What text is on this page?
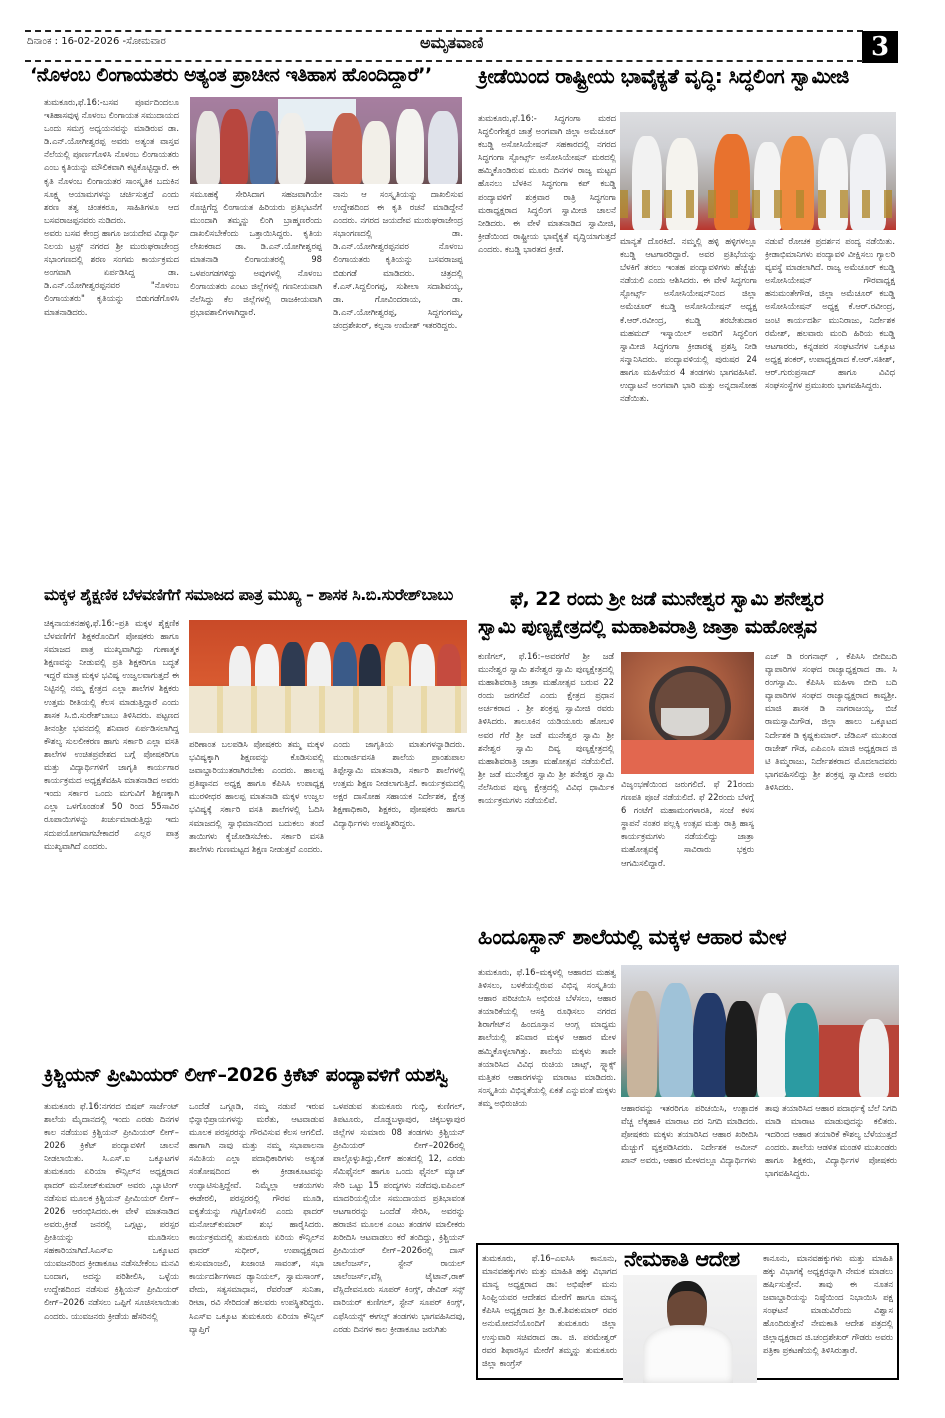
ದಿನಾಂಕ : 16-02-2026 -ಸೋಮವಾರ	ಅಮೃತವಾಣಿ	3
‘ನೊಳಂಬ ಲಿಂಗಾಯತರು ಅತ್ಯಂತ ಪ್ರಾಚೀನ ಇತಿಹಾಸ ಹೊಂದಿದ್ದಾರೆ’’

ತುಮಕೂರು,ಫೆ.16:-ಬಸವ ಪೂರ್ವದಿಂದಲೂ ಇತಿಹಾಸವುಳ್ಳ ನೊಳಂಬ ಲಿಂಗಾಯತ ಸಮುದಾಯದ ಒಂದು ಸಮಗ್ರ ಅಧ್ಯಯನವನ್ನು ಮಾಡಿರುವ ಡಾ. ಡಿ.ಎನ್.ಯೋಗೀಶ್ವರಪ್ಪ ಅವರು ಅತ್ಯಂತ ವಾಸ್ತವ ನೆಲೆಯಲ್ಲಿ ಪೂರ್ಣಗೊಳಿಸಿ ನೊಳಂಬ ಲಿಂಗಾಯತರು ಎಂಬ ಕೃತಿಯನ್ನು ಮೌಲಿಕವಾಗಿ ಕಟ್ಟಿಕೊಟ್ಟಿದ್ದಾರೆ. ಈ ಕೃತಿ ನೊಳಂಬ ಲಿಂಗಾಯತರ ಸಾಂಸ್ಕೃತಿಕ ಬದುಕಿನ ಸೂಕ್ಷ್ಮ ಆಯಾಮಗಳನ್ನು ಚರ್ಚಿಸುತ್ತದೆ ಎಂದು ಶರಣ ತತ್ವ ಚಿಂತಕರೂ, ಸಾಹಿತಿಗಳೂ ಆದ ಬಸವರಾಜಪ್ಪನವರು ನುಡಿದರು.

ಅವರು ಬಸವ ಕೇಂದ್ರ ಹಾಗೂ ಜಯದೇವ ವಿದ್ಯಾರ್ಥಿ ನಿಲಯ ಟ್ರಸ್ಟ್ ನಗರದ ಶ್ರೀ ಮುರುಘರಾಜೇಂದ್ರ ಸಭಾಂಗಣದಲ್ಲಿ ಶರಣ ಸಂಗಮ ಕಾರ್ಯಕ್ರಮದ ಅಂಗವಾಗಿ ಏರ್ಪಡಿಸಿದ್ದ ಡಾ. ಡಿ.ಎನ್.ಯೋಗೀಶ್ವರಪ್ಪನವರ "ನೊಳಂಬ ಲಿಂಗಾಯತರು" ಕೃತಿಯನ್ನು ಬಿಡುಗಡೆಗೊಳಿಸಿ ಮಾತನಾಡಿದರು.

ಸಮೂಹಕ್ಕೆ ಸೇರಿಸಿದಾಗ ಸಹಜವಾಗಿಯೇ ರೊಚ್ಚಿಗೆದ್ದ ಲಿಂಗಾಯತ ಹಿರಿಯರು ಪ್ರತಿಭಟನೆಗೆ ಮುಂದಾಗಿ ತಮ್ಮನ್ನು ಲಿಂಗಿ ಬ್ರಾಹ್ಮಣರೆಂದು ದಾಖಲಿಸಬೇಕೆಂದು ಒತ್ತಾಯಿಸಿದ್ದರು. ಕೃತಿಯ ಲೇಖಕರಾದ ಡಾ. ಡಿ.ಎನ್.ಯೋಗೀಶ್ವರಪ್ಪ ಮಾತನಾಡಿ ಲಿಂಗಾಯತರಲ್ಲಿ 98 ಒಳಪಂಗಡಗಳಿದ್ದು ಅವುಗಳಲ್ಲಿ ನೊಳಂಬ ಲಿಂಗಾಯತರು ಎಂಟು ಜಿಲ್ಲೆಗಳಲ್ಲಿ ಗಣನೀಯವಾಗಿ ನೆಲೆಸಿದ್ದು ಕೆಲ ಜಿಲ್ಲೆಗಳಲ್ಲಿ ರಾಜಕೀಯವಾಗಿ ಪ್ರಭಾವಶಾಲಿಗಳಾಗಿದ್ದಾರೆ.

ನಾನು ಆ ಸಂಸ್ಕೃತಿಯನ್ನು ದಾಖಲಿಸುವ ಉದ್ದೇಶದಿಂದ ಈ ಕೃತಿ ರಚನೆ ಮಾಡಿದ್ದೇನೆ ಎಂದರು. ನಗರದ ಜಯದೇವ ಮುರುಘರಾಜೇಂದ್ರ ಸಭಾಂಗಣದಲ್ಲಿ ಡಾ. ಡಿ.ಎನ್.ಯೋಗೀಶ್ವರಪ್ಪನವರ ನೊಳಂಬ ಲಿಂಗಾಯತರು ಕೃತಿಯನ್ನು ಬಸವರಾಜಪ್ಪ ಬಿಡುಗಡೆ ಮಾಡಿದರು. ಚಿತ್ರದಲ್ಲಿ ಕೆ.ಎಸ್.ಸಿದ್ದಲಿಂಗಪ್ಪ, ಸುಶೀಲಾ ಸದಾಶಿವಯ್ಯ, ಡಾ. ಗೋವಿಂದರಾಯ, ಡಾ. ಡಿ.ಎನ್.ಯೋಗೀಶ್ವರಪ್ಪ, ಸಿದ್ದಗಂಗಮ್ಮ, ಚಂದ್ರಶೇಖರ್, ಕಲ್ಪನಾ ಉಮೇಶ್ ಇತರರಿದ್ದರು.

ಕ್ರೀಡೆಯಿಂದ ರಾಷ್ಟ್ರೀಯ ಭಾವೈಕ್ಯತೆ ವೃದ್ಧಿ: ಸಿದ್ಧಲಿಂಗ ಸ್ವಾಮೀಜಿ

ತುಮಕೂರು,ಫೆ.16:- ಸಿದ್ಧಗಂಗಾ ಮಠದ ಸಿದ್ಧಲಿಂಗೇಶ್ವರ ಜಾತ್ರೆ ಅಂಗವಾಗಿ ಜಿಲ್ಲಾ ಅಮೆಚೂರ್ ಕಬಡ್ಡಿ ಅಸೋಸಿಯೇಷನ್ ಸಹಕಾರದಲ್ಲಿ ನಗರದ ಸಿದ್ಧಗಂಗಾ ಸ್ಪೋರ್ಟ್ಸ್ ಅಸೋಸಿಯೇಷನ್ ಮಠದಲ್ಲಿ ಹಮ್ಮಿಕೊಂಡಿರುವ ಮೂರು ದಿನಗಳ ರಾಜ್ಯ ಮಟ್ಟದ ಹೊನಲು ಬೆಳಕಿನ ಸಿದ್ಧಗಂಗಾ ಕಪ್ ಕಬಡ್ಡಿ ಪಂದ್ಯಾವಳಿಗೆ ಶುಕ್ರವಾರ ರಾತ್ರಿ ಸಿದ್ಧಗಂಗಾ ಮಠಾಧ್ಯಕ್ಷರಾದ ಸಿದ್ಧಲಿಂಗ ಸ್ವಾಮೀಜಿ ಚಾಲನೆ ನೀಡಿದರು. ಈ ವೇಳೆ ಮಾತನಾಡಿದ ಸ್ವಾಮೀಜಿ, ಕ್ರೀಡೆಯಿಂದ ರಾಷ್ಟ್ರೀಯ ಭಾವೈಕ್ಯತೆ ವೃದ್ಧಿಯಾಗುತ್ತದೆ ಎಂದರು. ಕಬಡ್ಡಿ ಭಾರತದ ಕ್ರೀಡೆ.

ಮಾನ್ಯತೆ ದೊರಕಿದೆ. ನಮ್ಮಲ್ಲಿ ಹಳ್ಳಿ ಹಳ್ಳಿಗಳಲ್ಲೂ ಕಬಡ್ಡಿ ಆಟಗಾರರಿದ್ದಾರೆ. ಅವರ ಪ್ರತಿಭೆಯನ್ನು ಬೆಳಕಿಗೆ ತರಲು ಇಂತಹ ಪಂದ್ಯಾವಳಿಗಳು ಹೆಚ್ಚೆಚ್ಚು ನಡೆಯಲಿ ಎಂದು ಆಶಿಸಿದರು. ಈ ವೇಳೆ ಸಿದ್ಧಗಂಗಾ ಸ್ಪೋರ್ಟ್ಸ್ ಅಸೋಸಿಯೇಷನ್‌ನಿಂದ ಜಿಲ್ಲಾ ಅಮೆಚೂರ್ ಕಬಡ್ಡಿ ಅಸೋಸಿಯೇಷನ್ ಅಧ್ಯಕ್ಷ ಕೆ.ಆರ್.ರವೀಂದ್ರ, ಕಬಡ್ಡಿ ತರಬೇತುದಾರ ಮಹಮದ್ ಇಸ್ಮಾಯಿಲ್ ಅವರಿಗೆ ಸಿದ್ಧಲಿಂಗ ಸ್ವಾಮೀಜಿ ಸಿದ್ಧಗಂಗಾ ಕ್ರೀಡಾರತ್ನ ಪ್ರಶಸ್ತಿ ನೀಡಿ ಸನ್ಮಾನಿಸಿದರು. ಪಂದ್ಯಾವಳಿಯಲ್ಲಿ ಪುರುಷರ 24 ಹಾಗೂ ಮಹಿಳೆಯರ 4 ತಂಡಗಳು ಭಾಗವಹಿಸಿವೆ. ಉದ್ಘಾಟನೆ ಅಂಗವಾಗಿ ಭಾರಿ ಮತ್ತು ಅನ್ನದಾಸೋಹ ನಡೆಯಿತು.

ನಡುವೆ ರೋಚಕ ಪ್ರದರ್ಶನ ಪಂದ್ಯ ನಡೆಯಿತು. ಕ್ರೀಡಾಭಿಮಾನಿಗಳು ಪಂದ್ಯಾವಳಿ ವೀಕ್ಷಿಸಲು ಗ್ಯಾಲರಿ ವ್ಯವಸ್ಥೆ ಮಾಡಲಾಗಿದೆ. ರಾಜ್ಯ ಅಮೆಚೂರ್ ಕಬಡ್ಡಿ ಅಸೋಸಿಯೇಷನ್ ಗೌರವಾಧ್ಯಕ್ಷ ಹನುಮಂತೇಗೌಡ, ಜಿಲ್ಲಾ ಅಮೆಚೂರ್ ಕಬಡ್ಡಿ ಅಸೋಸಿಯೇಷನ್ ಅಧ್ಯಕ್ಷ ಕೆ.ಆರ್.ರವೀಂದ್ರ, ಜಂಟಿ ಕಾರ್ಯದರ್ಶಿ ಮುನಿರಾಜು, ನಿರ್ದೇಶಕ ರಮೇಶ್, ಹಲವಾರು ಮಂದಿ ಹಿರಿಯ ಕಬಡ್ಡಿ ಆಟಗಾರರು, ಕನ್ನಡಪರ ಸಂಘಟನೆಗಳ ಒಕ್ಕೂಟ ಅಧ್ಯಕ್ಷ ಶಂಕರ್, ಉಪಾಧ್ಯಕ್ಷರಾದ ಕೆ.ಆರ್.ಸತೀಶ್, ಆರ್.ಗುರುಪ್ರಸಾದ್ ಹಾಗೂ ವಿವಿಧ ಸಂಘಸಂಸ್ಥೆಗಳ ಪ್ರಮುಖರು ಭಾಗವಹಿಸಿದ್ದರು.

ಮಕ್ಕಳ ಶೈಕ್ಷಣಿಕ ಬೆಳವಣಿಗೆಗೆ ಸಮಾಜದ ಪಾತ್ರ ಮುಖ್ಯ – ಶಾಸಕ ಸಿ.ಬಿ.ಸುರೇಶ್‌ಬಾಬು

ಚಿಕ್ಕನಾಯಕನಹಳ್ಳಿ,ಫೆ.16:–ಪ್ರತಿ ಮಕ್ಕಳ ಶೈಕ್ಷಣಿಕ ಬೆಳವಣಿಗೆಗೆ ಶಿಕ್ಷಕರೊಂದಿಗೆ ಪೋಷಕರು ಹಾಗೂ ಸಮಾಜದ ಪಾತ್ರ ಮುಖ್ಯವಾಗಿದ್ದು ಗುಣಾತ್ಮಕ ಶಿಕ್ಷಣವನ್ನು ನೀಡುವಲ್ಲಿ ಪ್ರತಿ ಶಿಕ್ಷಕರಿಗೂ ಬದ್ಧತೆ ಇದ್ದರೆ ಮಾತ್ರ ಮಕ್ಕಳ ಭವಿಷ್ಯ ಉಜ್ವಲವಾಗುತ್ತದೆ ಈ ನಿಟ್ಟಿನಲ್ಲಿ ನಮ್ಮ ಕ್ಷೇತ್ರದ ಎಲ್ಲಾ ಶಾಲೆಗಳ ಶಿಕ್ಷಕರು ಉತ್ತಮ ರೀತಿಯಲ್ಲಿ ಕೆಲಸ ಮಾಡುತ್ತಿದ್ದಾರೆ ಎಂದು ಶಾಸಕ ಸಿ.ಬಿ.ಸುರೇಶ್‌ಬಾಬು ತಿಳಿಸಿದರು. ಪಟ್ಟಣದ ತೀನಂಶ್ರೀ ಭವನದಲ್ಲಿ ಶನಿವಾರ ಏರ್ಪಡಿಸಲಾಗಿದ್ದ ಕೌಶಲ್ಯ ಸುಲಲೀಕರಣ ಹಾಗು ಸರ್ಕಾರಿ ಎಲ್ಲಾ ವಸತಿ ಶಾಲೆಗಳ ಉಚಿತಪ್ರವೇಶದ ಬಗ್ಗೆ ಪೋಷಕರಿಗೂ ಮತ್ತು ವಿದ್ಯಾರ್ಥಿಗಳಿಗೆ ಜಾಗೃತಿ ಕಾರ್ಯಗಾರ ಕಾರ್ಯಕ್ರಮದ ಅಧ್ಯಕ್ಷತೆವಹಿಸಿ ಮಾತನಾಡಿದ ಅವರು ಇಂದು ಸರ್ಕಾರ ಒಂದು ಮಗುವಿಗೆ ಶಿಕ್ಷಣಕ್ಕಾಗಿ ಎಲ್ಲಾ ಒಳಗೊಂಡಂತೆ 50 ರಿಂದ 55ಸಾವಿರ ರೂಪಾಯಿಗಳನ್ನು ಖರ್ಚುಮಾಡುತ್ತಿದ್ದು ಇದು ಸದುಪಯೋಗವಾಗಬೇಕಾದರೆ ಎಲ್ಲರ ಪಾತ್ರ ಮುಖ್ಯವಾಗಿದೆ ಎಂದರು.

ಪರಿಣಾಂತ ಬಲಪಡಿಸಿ ಪೋಷಕರು ತಮ್ಮ ಮಕ್ಕಳ ಭವಿಷ್ಯಕ್ಕಾಗಿ ಶಿಕ್ಷಣವನ್ನು ಕೊಡಿಸುವಲ್ಲಿ ಜವಾಬ್ದಾರಿಯುತರಾಗಿರಬೇಕು ಎಂದರು. ಹಾಲಪ್ಪ ಪ್ರತಿಷ್ಠಾನದ ಅಧ್ಯಕ್ಷ ಹಾಗೂ ಕೆಪಿಸಿಸಿ ಉಪಾಧ್ಯಕ್ಷ ಮುರಳೀಧರ ಹಾಲಪ್ಪ ಮಾತನಾಡಿ ಮಕ್ಕಳ ಉಜ್ವಲ ಭವಿಷ್ಯಕ್ಕೆ ಸರ್ಕಾರಿ ವಸತಿ ಶಾಲೆಗಳಲ್ಲಿ ಓದಿಸಿ ಸಮಾಜದಲ್ಲಿ ಸ್ವಾಭಿಮಾನದಿಂದ ಬದುಕಲು ತಂದೆ ತಾಯಿಗಳು ಕೈಜೋಡಿಸಬೇಕು. ಸರ್ಕಾರಿ ವಸತಿ ಶಾಲೆಗಳು ಗುಣಮಟ್ಟದ ಶಿಕ್ಷಣ ನೀಡುತ್ತವೆ ಎಂದರು.

ಎಂದು ಜಾಗೃತಿಯ ಮಾತುಗಳನ್ನಾಡಿದರು. ಮುರಾರ್ಜಿವಸತಿ ಶಾಲೆಯ ಪ್ರಾಂಶುಪಾಲ ತಿಪ್ಪೇಸ್ವಾಮಿ ಮಾತನಾಡಿ, ಸರ್ಕಾರಿ ಶಾಲೆಗಳಲ್ಲಿ ಉತ್ತಮ ಶಿಕ್ಷಣ ನೀಡಲಾಗುತ್ತಿದೆ. ಕಾರ್ಯಕ್ರಮದಲ್ಲಿ ಅಕ್ಷರ ದಾಸೋಹ ಸಹಾಯಕ ನಿರ್ದೇಶಕ, ಕ್ಷೇತ್ರ ಶಿಕ್ಷಣಾಧಿಕಾರಿ, ಶಿಕ್ಷಕರು, ಪೋಷಕರು ಹಾಗೂ ವಿದ್ಯಾರ್ಥಿಗಳು ಉಪಸ್ಥಿತರಿದ್ದರು.

ಫೆ, 22 ರಂದು ಶ್ರೀ ಜಡೆ ಮುನೇಶ್ವರ ಸ್ವಾಮಿ ಶನೇಶ್ವರ
ಸ್ವಾಮಿ ಪುಣ್ಯಕ್ಷೇತ್ರದಲ್ಲಿ ಮಹಾಶಿವರಾತ್ರಿ ಜಾತ್ರಾ ಮಹೋತ್ಸವ

ಕುಣಿಗಲ್, ಫೆ.16:–ಅವರಗೆರೆ ಶ್ರೀ ಜಡೆ ಮುನೇಶ್ವರ ಸ್ವಾಮಿ ಶನೇಶ್ವರ ಸ್ವಾಮಿ ಪುಣ್ಯಕ್ಷೇತ್ರದಲ್ಲಿ ಮಹಾಶಿವರಾತ್ರಿ ಜಾತ್ರಾ ಮಹೋತ್ಸವ ಬರುವ 22 ರಂದು ಜರಗಲಿದೆ ಎಂದು ಕ್ಷೇತ್ರದ ಪ್ರಧಾನ ಅರ್ಚಕರಾದ . ಶ್ರೀ ಶಂಕ್ರಪ್ಪ ಸ್ವಾಮೀಜಿ ರವರು ತಿಳಿಸಿದರು. ತಾಲೂಕಿನ ಯಡಿಯೂರು ಹೋಬಳಿ ಅವರ ಗೆರೆ ಶ್ರೀ ಜಡೆ ಮುನೇಶ್ವರ ಸ್ವಾಮಿ ಶ್ರೀ ಶನೇಶ್ವರ ಸ್ವಾಮಿ ದಿವ್ಯ ಪುಣ್ಯಕ್ಷೇತ್ರದಲ್ಲಿ ಮಹಾಶಿವರಾತ್ರಿ ಜಾತ್ರಾ ಮಹೋತ್ಸವ ನಡೆಯಲಿದೆ. ಶ್ರೀ ಜಡೆ ಮುನೇಶ್ವರ ಸ್ವಾಮಿ ಶ್ರೀ ಶನೇಶ್ವರ ಸ್ವಾಮಿ ನೆಲೆಸಿರುವ ಪುಣ್ಯ ಕ್ಷೇತ್ರದಲ್ಲಿ ವಿವಿಧ ಧಾರ್ಮಿಕ ಕಾರ್ಯಕ್ರಮಗಳು ನಡೆಯಲಿವೆ.

ವಿಜೃಂಭಣೆಯಿಂದ ಜರುಗಲಿದೆ. ಫೆ 21ರಂದು ಗಣಪತಿ ಪೂಜೆ ನಡೆಯಲಿದೆ. ಫೆ 22ರಂದು ಬೆಳಗ್ಗೆ 6 ಗಂಟೆಗೆ ಮಹಾಮಂಗಳಾರತಿ, ಸಂಜೆ ಕಳಸ ಸ್ಥಾಪನೆ ನಂತರ ಪಲ್ಲಕ್ಕಿ ಉತ್ಸವ ಮತ್ತು ರಾತ್ರಿ ಹಾಸ್ಯ ಕಾರ್ಯಕ್ರಮಗಳು ನಡೆಯಲಿದ್ದು ಜಾತ್ರಾ ಮಹೋತ್ಸವಕ್ಕೆ ಸಾವಿರಾರು ಭಕ್ತರು ಆಗಮಿಸಲಿದ್ದಾರೆ.

ಎಚ್ ಡಿ ರಂಗನಾಥ್ , ಕೆಪಿಸಿಸಿ ಬೀದಿಬದಿ ವ್ಯಾಪಾರಿಗಳ ಸಂಘದ ರಾಜ್ಯಾಧ್ಯಕ್ಷರಾದ ಡಾ. ಸಿ ರಂಗಸ್ವಾಮಿ. ಕೆಪಿಸಿಸಿ ಮಹಿಳಾ ಬೀದಿ ಬದಿ ವ್ಯಾಪಾರಿಗಳ ಸಂಘದ ರಾಜ್ಯಾಧ್ಯಕ್ಷರಾದ ಕಾವ್ಯಶ್ರೀ. ಮಾಜಿ ಶಾಸಕ ಡಿ ನಾಗರಾಜಯ್ಯ, ಬಿಜೆ ರಾಮಸ್ವಾಮಿಗೌಡ, ಜಿಲ್ಲಾ ಹಾಲು ಒಕ್ಕೂಟದ ನಿರ್ದೇಶಕ ಡಿ ಕೃಷ್ಣಕುಮಾರ್. ಜೆಡಿಎಸ್ ಮುಖಂಡ ರಾಜೇಶ್ ಗೌಡ, ಎಪಿಎಂಸಿ ಮಾಜಿ ಅಧ್ಯಕ್ಷರಾದ ಜಿ ಟಿ ತಿಮ್ಮರಾಜು, ನಿರ್ದೇಶಕರಾದ ಮೊದಲಾದವರು ಭಾಗವಹಿಸಲಿದ್ದು ಶ್ರೀ ಶಂಕ್ರಪ್ಪ ಸ್ವಾಮೀಜಿ ಅವರು ತಿಳಿಸಿದರು.

ಹಿಂದೂಸ್ಥಾನ್ ಶಾಲೆಯಲ್ಲಿ ಮಕ್ಕಳ ಆಹಾರ ಮೇಳ

ತುಮಕೂರು, ಫೆ.16–ಮಕ್ಕಳಲ್ಲಿ ಆಹಾರದ ಮಹತ್ವ ತಿಳಿಸಲು, ಬಳಕೆಯಲ್ಲಿರುವ ವಿಭಿನ್ನ ಸಂಸ್ಕೃತಿಯ ಆಹಾರ ಪರಿಚಯಿಸಿ ಅಭಿರುಚಿ ಬೆಳೆಸಲು, ಆಹಾರ ತಯಾರಿಕೆಯಲ್ಲಿ ಆಸಕ್ತಿ ರೂಢಿಸಲು ನಗರದ ಶಿರಾಗೇಟ್‌ನ ಹಿಂದೂಸ್ತಾನ ಆಂಗ್ಲ ಮಾಧ್ಯಮ ಶಾಲೆಯಲ್ಲಿ ಶನಿವಾರ ಮಕ್ಕಳ ಆಹಾರ ಮೇಳ ಹಮ್ಮಿಕೊಳ್ಳಲಾಗಿತ್ತು. ಶಾಲೆಯ ಮಕ್ಕಳು ತಾವೇ ತಯಾರಿಸಿದ ವಿವಿಧ ರುಚಿಯ ಚಾಟ್ಸ್, ಸ್ನ್ಯಾಕ್ಸ್ ಮತ್ತಿತರ ಆಹಾರಗಳನ್ನು ಮಾರಾಟ ಮಾಡಿದರು. ಸಂಸ್ಕೃತಿಯ ವಿಭಿನ್ನತೆಯಲ್ಲಿ ಏಕತೆ ಎನ್ನುವಂತೆ ಮಕ್ಕಳು ತಮ್ಮ ಅಭಿರುಚಿಯ

ಆಹಾರವನ್ನು ಇತರರಿಗೂ ಪರಿಚಯಿಸಿ, ಉತ್ಪಾದಕ ವೆಚ್ಚ ಲೆಕ್ಕಹಾಕಿ ಮಾರಾಟ ದರ ನಿಗದಿ ಮಾಡಿದರು. ಪೋಷಕರು ಮಕ್ಕಳು ತಯಾರಿಸಿದ ಆಹಾರ ಖರೀದಿಸಿ ಮೆಚ್ಚುಗೆ ವ್ಯಕ್ತಪಡಿಸಿದರು. ನಿರ್ದೇಶಕ ಅಮೀನ್ ಖಾನ್ ಅವರು, ಆಹಾರ ಮೇಳದಲ್ಲೂ ವಿದ್ಯಾರ್ಥಿಗಳು

ತಾವು ತಯಾರಿಸಿದ ಆಹಾರ ಪದಾರ್ಥಕ್ಕೆ ಬೆಲೆ ನಿಗದಿ ಮಾಡಿ ಮಾರಾಟ ಮಾಡುವುದನ್ನು ಕಲಿತರು. ಇದರಿಂದ ಆಹಾರ ತಯಾರಿಕೆ ಕೌಶಲ್ಯ ಬೆಳೆಯುತ್ತದೆ ಎಂದರು. ಶಾಲೆಯ ಆಡಳಿತ ಮಂಡಳಿ ಮುಖಂಡರು ಹಾಗೂ ಶಿಕ್ಷಕರು, ವಿದ್ಯಾರ್ಥಿಗಳ ಪೋಷಕರು ಭಾಗವಹಿಸಿದ್ದರು.

ಕ್ರಿಶ್ಚಿಯನ್ ಪ್ರೀಮಿಯರ್ ಲೀಗ್–2026 ಕ್ರಿಕೆಟ್ ಪಂದ್ಯಾವಳಿಗೆ ಯಶಸ್ವಿ

ತುಮಕೂರು ಫೆ.16:ನಗರದ ಬಿಷಪ್ ಸಾರ್ಜೆಂಟ್ ಶಾಲೆಯ ಮೈದಾನದಲ್ಲಿ ಇಂದು ಎರಡು ದಿನಗಳ ಕಾಲ ನಡೆಯುವ ಕ್ರಿಶ್ಚಿಯನ್ ಪ್ರೀಮಿಯರ್ ಲೀಗ್–2026 ಕ್ರಿಕೆಟ್ ಪಂದ್ಯಾವಳಿಗೆ ಚಾಲನೆ ನೀಡಲಾಯಿತು. ಸಿ.ಎಸ್.ಐ ಒಕ್ಕೂಟಗಳ ತುಮಕೂರು ಏರಿಯಾ ಕೌನ್ಸಿಲ್‌ನ ಅಧ್ಯಕ್ಷರಾದ ಫಾದರ್ ಮನೋಜ್‌ಕುಮಾರ್ ಅವರು ,ಬ್ಯಾಟಿಂಗ್ ನಡೆಸುವ ಮೂಲಕ ಕ್ರಿಶ್ಚಿಯನ್ ಪ್ರೀಮಿಯರ್ ಲೀಗ್–2026 ಆರಂಭಿಸಿದರು.ಈ ವೇಳೆ ಮಾತನಾಡಿದ ಅವರು,ಕ್ರೀಡೆ ಜನರಲ್ಲಿ ಒಗ್ಗಟ್ಟು, ಪರಸ್ಪರ ಪ್ರೀತಿಯನ್ನು ಮೂಡಿಸಲು ಸಹಕಾರಿಯಾಗಿದೆ.ಸಿಎಸ್ಐ ಒಕ್ಕೂಟದ ಯುವಜನರಿಂದ ಕ್ರೀಡಾಕೂಟ ನಡೆಸಬೇಕೆಂಬ ಮನವಿ ಬಂದಾಗ, ಅದನ್ನು ಪರಿಶೀಲಿಸಿ, ಒಳ್ಳೆಯ ಉದ್ದೇಶದಿಂದ ನಡೆಸುವ ಕ್ರಿಶ್ಚಿಯನ್ ಪ್ರೀಮಿಯರ್ ಲೀಗ್–2026 ನಡೆಸಲು ಒಪ್ಪಿಗೆ ಸೂಚಿಸಲಾಯಿತು ಎಂದರು. ಯುವಜನರು ಕ್ರೀಡೆಯ ಹೆಸರಿನಲ್ಲಿ

ಒಂದೆಡೆ ಒಗ್ಗೂಡಿ, ನಮ್ಮ ನಡುವೆ ಇರುವ ಭಿನ್ನಾಭಿಪ್ರಾಯಗಳನ್ನು ಮರೆತು, ಆಟವಾಡುವ ಮೂಲಕ ಪರಸ್ಪರರನ್ನು ಗೌರವಿಸುವ ಕೆಲಸ ಆಗಲಿದೆ. ಹಾಗಾಗಿ ನಾವು ಮತ್ತು ನಮ್ಮ ಸಭಾಪಾಲನಾ ಸಮಿತಿಯ ಎಲ್ಲಾ ಪದಾಧಿಕಾರಿಗಳು ಅತ್ಯಂತ ಸಂತೋಷದಿಂದ ಈ ಕ್ರೀಡಾಕೂಟವನ್ನು ಉದ್ಘಾಟಿಸುತ್ತಿದ್ದೇವೆ. ನಿಮ್ಮೆಲ್ಲಾ ಆಶಯಗಳು ಈಡೇರಲಿ, ಪರಸ್ಪರರಲ್ಲಿ ಗೌರವ ಮೂಡಿ, ಐಕ್ಯತೆಯನ್ನು ಗಟ್ಟಿಗೊಳಿಸಲಿ ಎಂದು ಫಾದರ್ ಮನೋಜ್‌ಕುಮಾರ್ ಶುಭ ಹಾರೈಸಿದರು. ಕಾರ್ಯಕ್ರಮದಲ್ಲಿ ತುಮಕೂರು ಏರಿಯ ಕೌನ್ಸಿಲ್‌ನ ಫಾದರ್ ಸುಧೀರ್, ಉಪಾಧ್ಯಕ್ಷರಾದ ಕುಸುಮಾಂಜಲಿ, ಖಜಾಂಚಿ ಸಾವಂತ್, ಸಭಾ ಕಾರ್ಯದರ್ಶಿಗಳಾದ ಡ್ಯಾನಿಯಲ್, ಸ್ವಾಮಸಾಂಗ್, ವೇದು, ಸತ್ಯಸಮಾಧಾನ, ರೆವರೆಂಡ್ ಸುನಿತಾ, ರೀಟಾ, ರವಿ ಸೇರಿದಂತೆ ಹಲವರು ಉಪಸ್ಥಿತರಿದ್ದರು. ಸಿಎಸ್ಐ ಒಕ್ಕೂಟ ತುಮಕೂರು ಏರಿಯಾ ಕೌನ್ಸಿಲ್ ವ್ಯಾಪ್ತಿಗೆ

ಒಳಪಡುವ ತುಮಕೂರು ಗುಬ್ಬಿ, ಕುಣಿಗಲ್, ತಿಪಟೂರು, ದೊಡ್ಡಬಳ್ಳಾಪುರ, ಚಿಕ್ಕಬಳ್ಳಾಪುರ ಜಿಲ್ಲೆಗಳ ಸುಮಾರು 08 ತಂಡಗಳು ಕ್ರಿಶ್ಚಿಯನ್ ಪ್ರೀಮಿಯರ್ ಲೀಗ್–2026ರಲ್ಲಿ ಪಾಲ್ಗೊಳ್ಳುತಿದ್ದು,ಲೀಗ್ ಹಂತದಲ್ಲಿ 12, ಎರಡು ಸೆಮಿಫೈನಲ್ ಹಾಗೂ ಒಂದು ಫೈನಲ್ ಮ್ಯಾಚ್ ಸೇರಿ ಒಟ್ಟು 15 ಪಂದ್ಯಗಳು ನಡೆದವು.ಐಪಿಎಲ್ ಮಾದರಿಯಲ್ಲಿಯೇ ಸಮುದಾಯದ ಪ್ರತಿಭಾವಂತ ಆಟಗಾರರನ್ನು ಒಂದೆಡೆ ಸೇರಿಸಿ, ಅವರನ್ನು ಹರಾಜಿನ ಮೂಲಕ ಎಂಟು ತಂಡಗಳ ಮಾಲೀಕರು ಖರೀದಿಸಿ ಆಟವಾಡಲು ಕರೆ ತಂದಿದ್ದು, ಕ್ರಿಶ್ಚಿಯನ್ ಪ್ರೀಮಿಯರ್ ಲೀಗ್–2026ರಲ್ಲಿ ದಾಸ್ ಚಾಲೆಂಜರ್ಸ್, ಸ್ಟೇನ್ ರಾಯಲ್ ಚಾಲೆಂಜರ್ಸ್,ವೆಸ್ಲಿ ಟೈಟಾನ್,ರಾಕ್ ವೆಸ್ಲಿದೇವನೂರು ಸೂಪರ್ ಕಿಂಗ್ಸ್, ಡೇವಿಡ್ ಸನ್ಸ್ ವಾರಿಯರ್ ಕುಣಿಗಲ್, ಸ್ಟೇನ್ ಸೂಪರ್ ಕಿಂಗ್ಸ್, ಎಫೆಸಿಯನ್ಸ್ ಈಗಲ್ಸ್ ತಂಡಗಳು ಭಾಗವಹಿಸಿದವು, ಎರಡು ದಿನಗಳ ಕಾಲ ಕ್ರೀಡಾಕೂಟ ಜರುಗಿತು

ತುಮಕೂರು, ಫೆ.16–ಎಐಸಿಸಿ ಕಾನೂನು, ಮಾನವಹಕ್ಕುಗಳು ಮತ್ತು ಮಾಹಿತಿ ಹಕ್ಕು ವಿಭಾಗದ ಮಾನ್ಯ ಅಧ್ಯಕ್ಷರಾದ ಡಾ: ಅಭಿಷೇಕ್ ಮನು ಸಿಂಘ್ವಿಯವರ ಆದೇಶದ ಮೇರೆಗೆ ಹಾಗೂ ಮಾನ್ಯ ಕೆಪಿಸಿಸಿ ಅಧ್ಯಕ್ಷರಾದ ಶ್ರೀ ಡಿ.ಕೆ.ಶಿವಕುಮಾರ್ ರವರ ಅನುಮೋದನೆಯೊಂದಿಗೆ ತುಮಕೂರು ಜಿಲ್ಲಾ ಉಸ್ತುವಾರಿ ಸಚಿವರಾದ ಡಾ. ಜಿ. ಪರಮೇಶ್ವರ್ ರವರ ಶಿಫಾರಸ್ಸಿನ ಮೇರೆಗೆ ತಮ್ಮನ್ನು ತುಮಕೂರು ಜಿಲ್ಲಾ ಕಾಂಗ್ರೆಸ್

ನೇಮಕಾತಿ ಆದೇಶ	ಕಾನೂನು, ಮಾನವಹಕ್ಕುಗಳು ಮತ್ತು ಮಾಹಿತಿ ಹಕ್ಕು ವಿಭಾಗಕ್ಕೆ ಅಧ್ಯಕ್ಷರನ್ನಾಗಿ ನೇಮಕ ಮಾಡಲು ಹರ್ಷಿಸುತ್ತೇನೆ. ತಾವು ಈ ನೂತನ ಜವಾಬ್ದಾರಿಯನ್ನು ನಿಷ್ಠೆಯಿಂದ ನಿಭಾಯಿಸಿ ಪಕ್ಷ ಸಂಘಟನೆ ಮಾಡುವಿರೆಂದು ವಿಶ್ವಾಸ ಹೊಂದಿರುತ್ತೇನೆ ನೇಮಕಾತಿ ಆದೇಶ ಪತ್ರದಲ್ಲಿ ಜಿಲ್ಲಾಧ್ಯಕ್ಷರಾದ ಜಿ.ಚಂದ್ರಶೇಖರ್ ಗೌಡರು ಅವರು ಪತ್ರಿಕಾ ಪ್ರಕಟಣೆಯಲ್ಲಿ ತಿಳಿಸಿರುತ್ತಾರೆ.
